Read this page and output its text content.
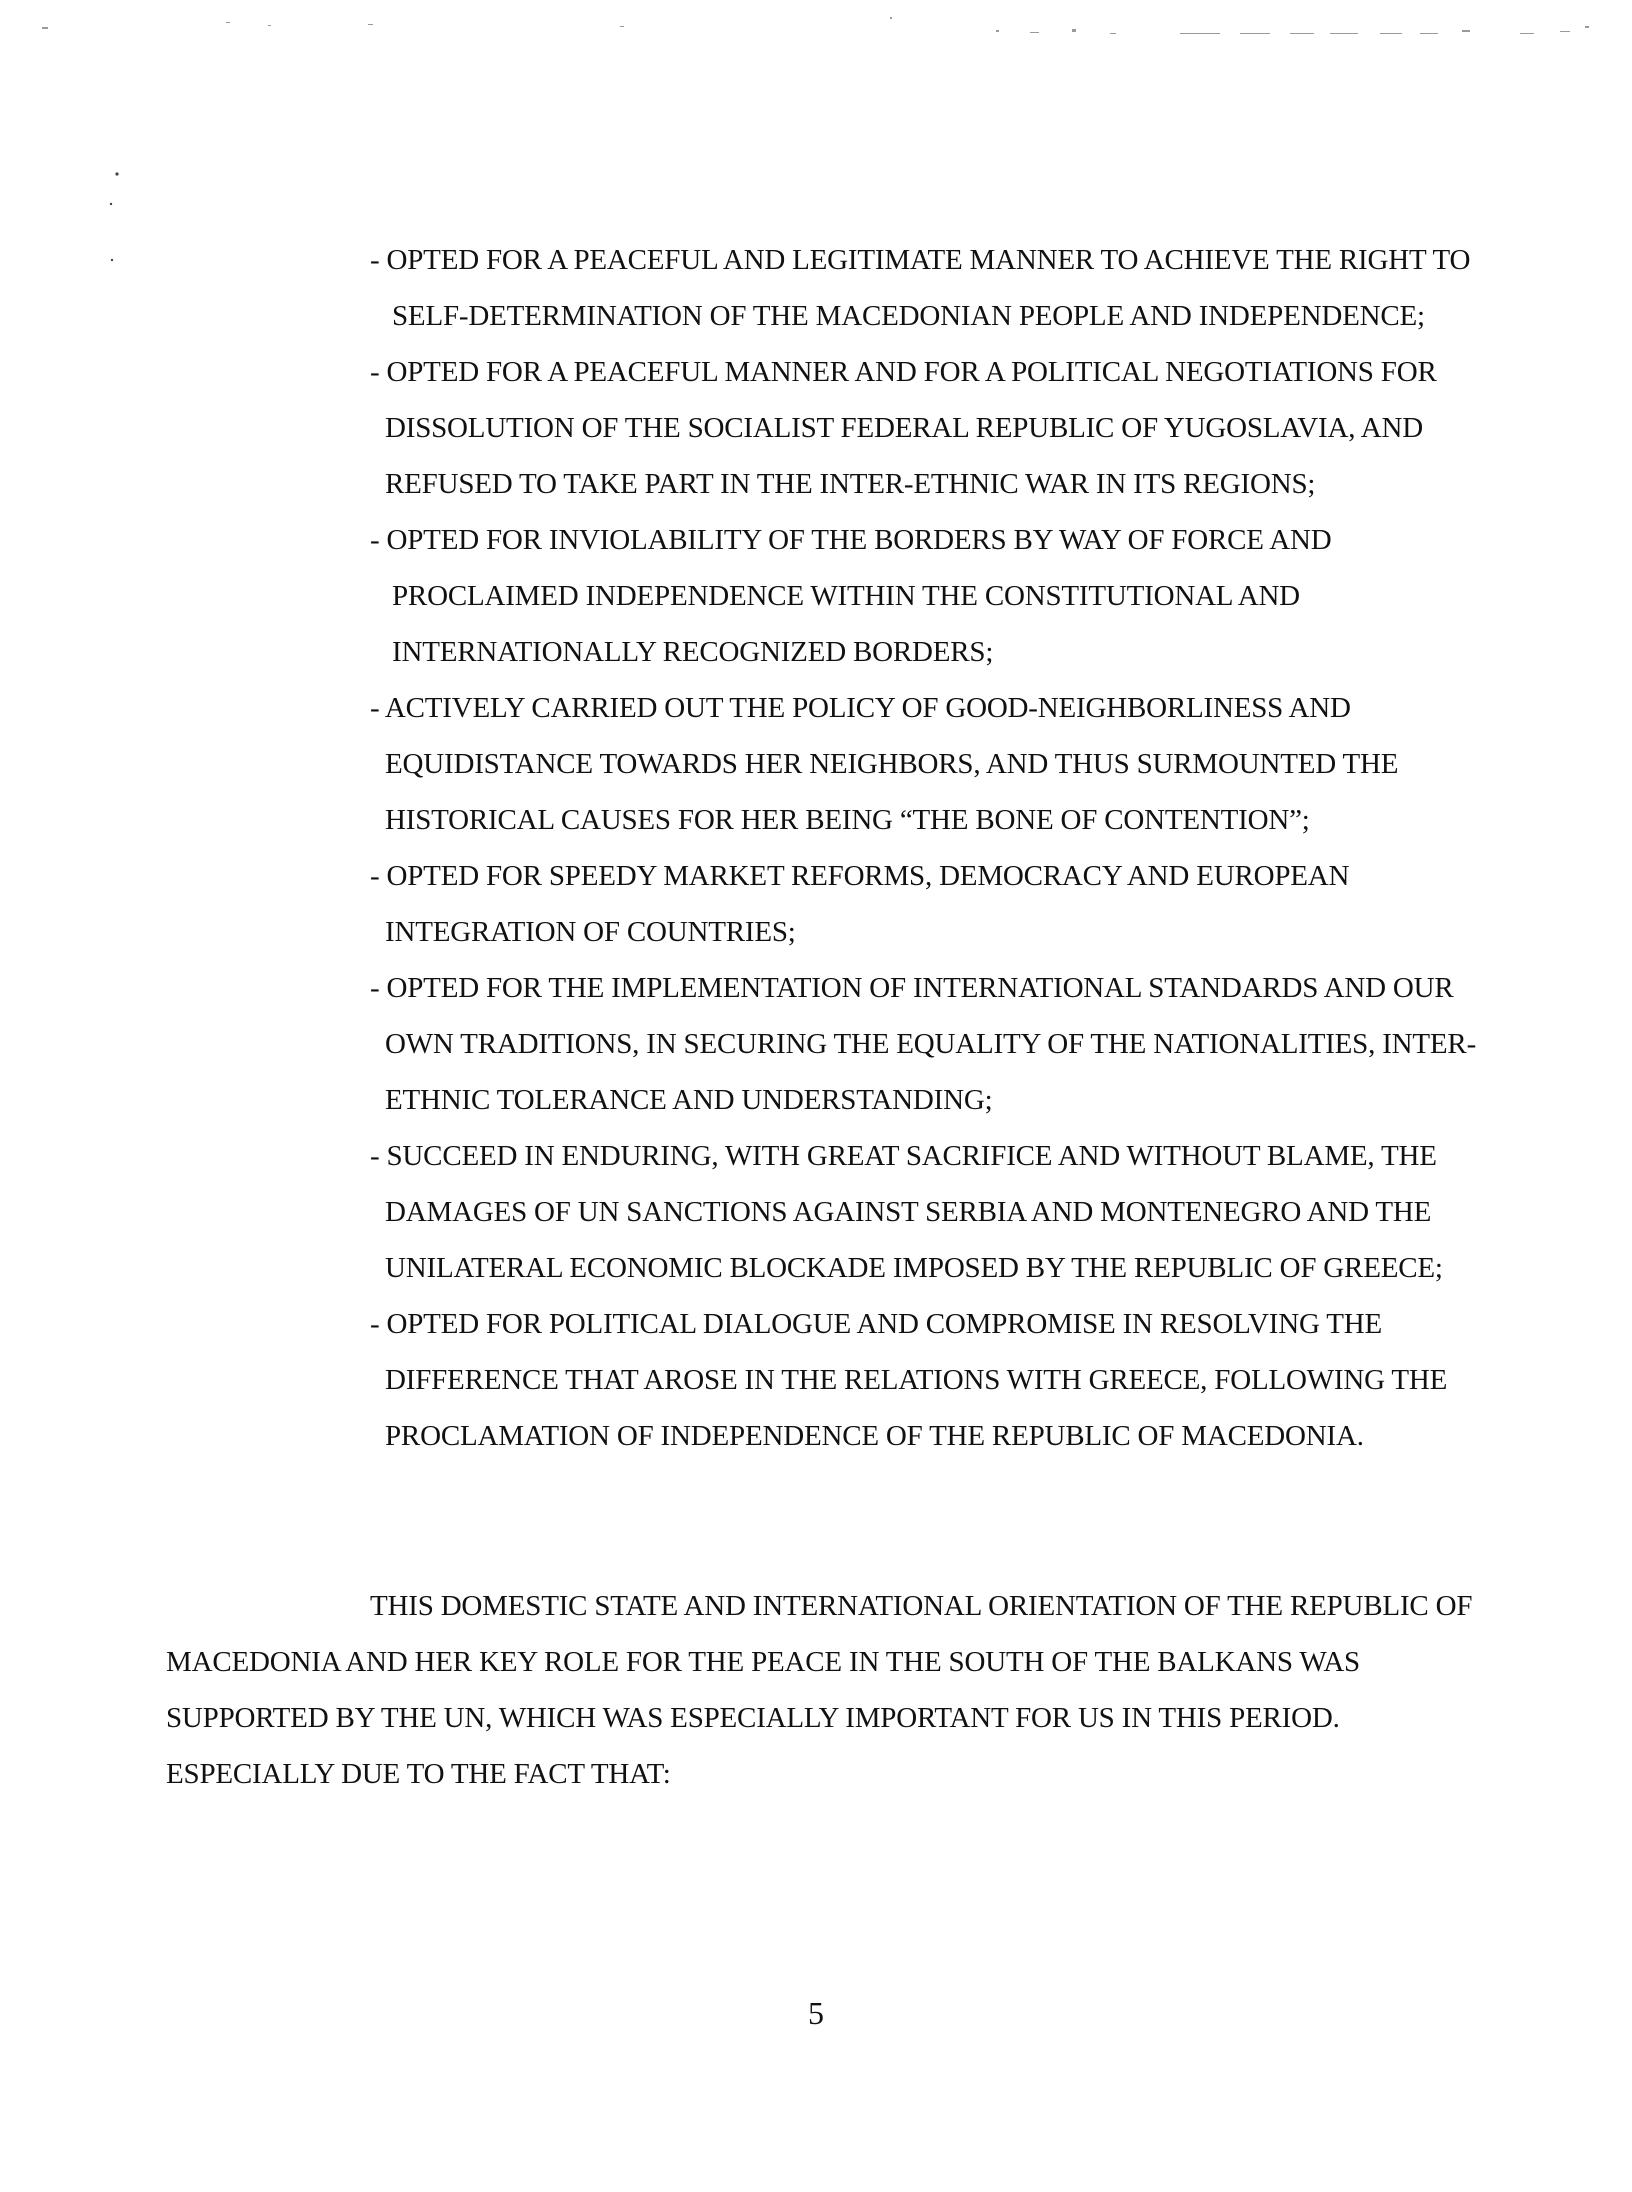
- OPTED FOR A PEACEFUL AND LEGITIMATE MANNER TO ACHIEVE THE RIGHT TO
SELF-DETERMINATION OF THE MACEDONIAN PEOPLE AND INDEPENDENCE;
- OPTED FOR A PEACEFUL MANNER AND FOR A POLITICAL NEGOTIATIONS FOR
DISSOLUTION OF THE SOCIALIST FEDERAL REPUBLIC OF YUGOSLAVIA, AND
REFUSED TO TAKE PART IN THE INTER-ETHNIC WAR IN ITS REGIONS;
- OPTED FOR INVIOLABILITY OF THE BORDERS BY WAY OF FORCE AND
PROCLAIMED INDEPENDENCE WITHIN THE CONSTITUTIONAL AND
INTERNATIONALLY RECOGNIZED BORDERS;
- ACTIVELY CARRIED OUT THE POLICY OF GOOD-NEIGHBORLINESS AND
EQUIDISTANCE TOWARDS HER NEIGHBORS, AND THUS SURMOUNTED THE
HISTORICAL CAUSES FOR HER BEING “THE BONE OF CONTENTION”;
- OPTED FOR SPEEDY MARKET REFORMS, DEMOCRACY AND EUROPEAN
INTEGRATION OF COUNTRIES;
- OPTED FOR THE IMPLEMENTATION OF INTERNATIONAL STANDARDS AND OUR
OWN TRADITIONS, IN SECURING THE EQUALITY OF THE NATIONALITIES, INTER-
ETHNIC TOLERANCE AND UNDERSTANDING;
- SUCCEED IN ENDURING, WITH GREAT SACRIFICE AND WITHOUT BLAME, THE
DAMAGES OF UN SANCTIONS AGAINST SERBIA AND MONTENEGRO AND THE
UNILATERAL ECONOMIC BLOCKADE IMPOSED BY THE REPUBLIC OF GREECE;
- OPTED FOR POLITICAL DIALOGUE AND COMPROMISE IN RESOLVING THE
DIFFERENCE THAT AROSE IN THE RELATIONS WITH GREECE, FOLLOWING THE
PROCLAMATION OF INDEPENDENCE OF THE REPUBLIC OF MACEDONIA.
THIS DOMESTIC STATE AND INTERNATIONAL ORIENTATION OF THE REPUBLIC OF
MACEDONIA AND HER KEY ROLE FOR THE PEACE IN THE SOUTH OF THE BALKANS WAS
SUPPORTED BY THE UN, WHICH WAS ESPECIALLY IMPORTANT FOR US IN THIS PERIOD.
ESPECIALLY DUE TO THE FACT THAT:
5
